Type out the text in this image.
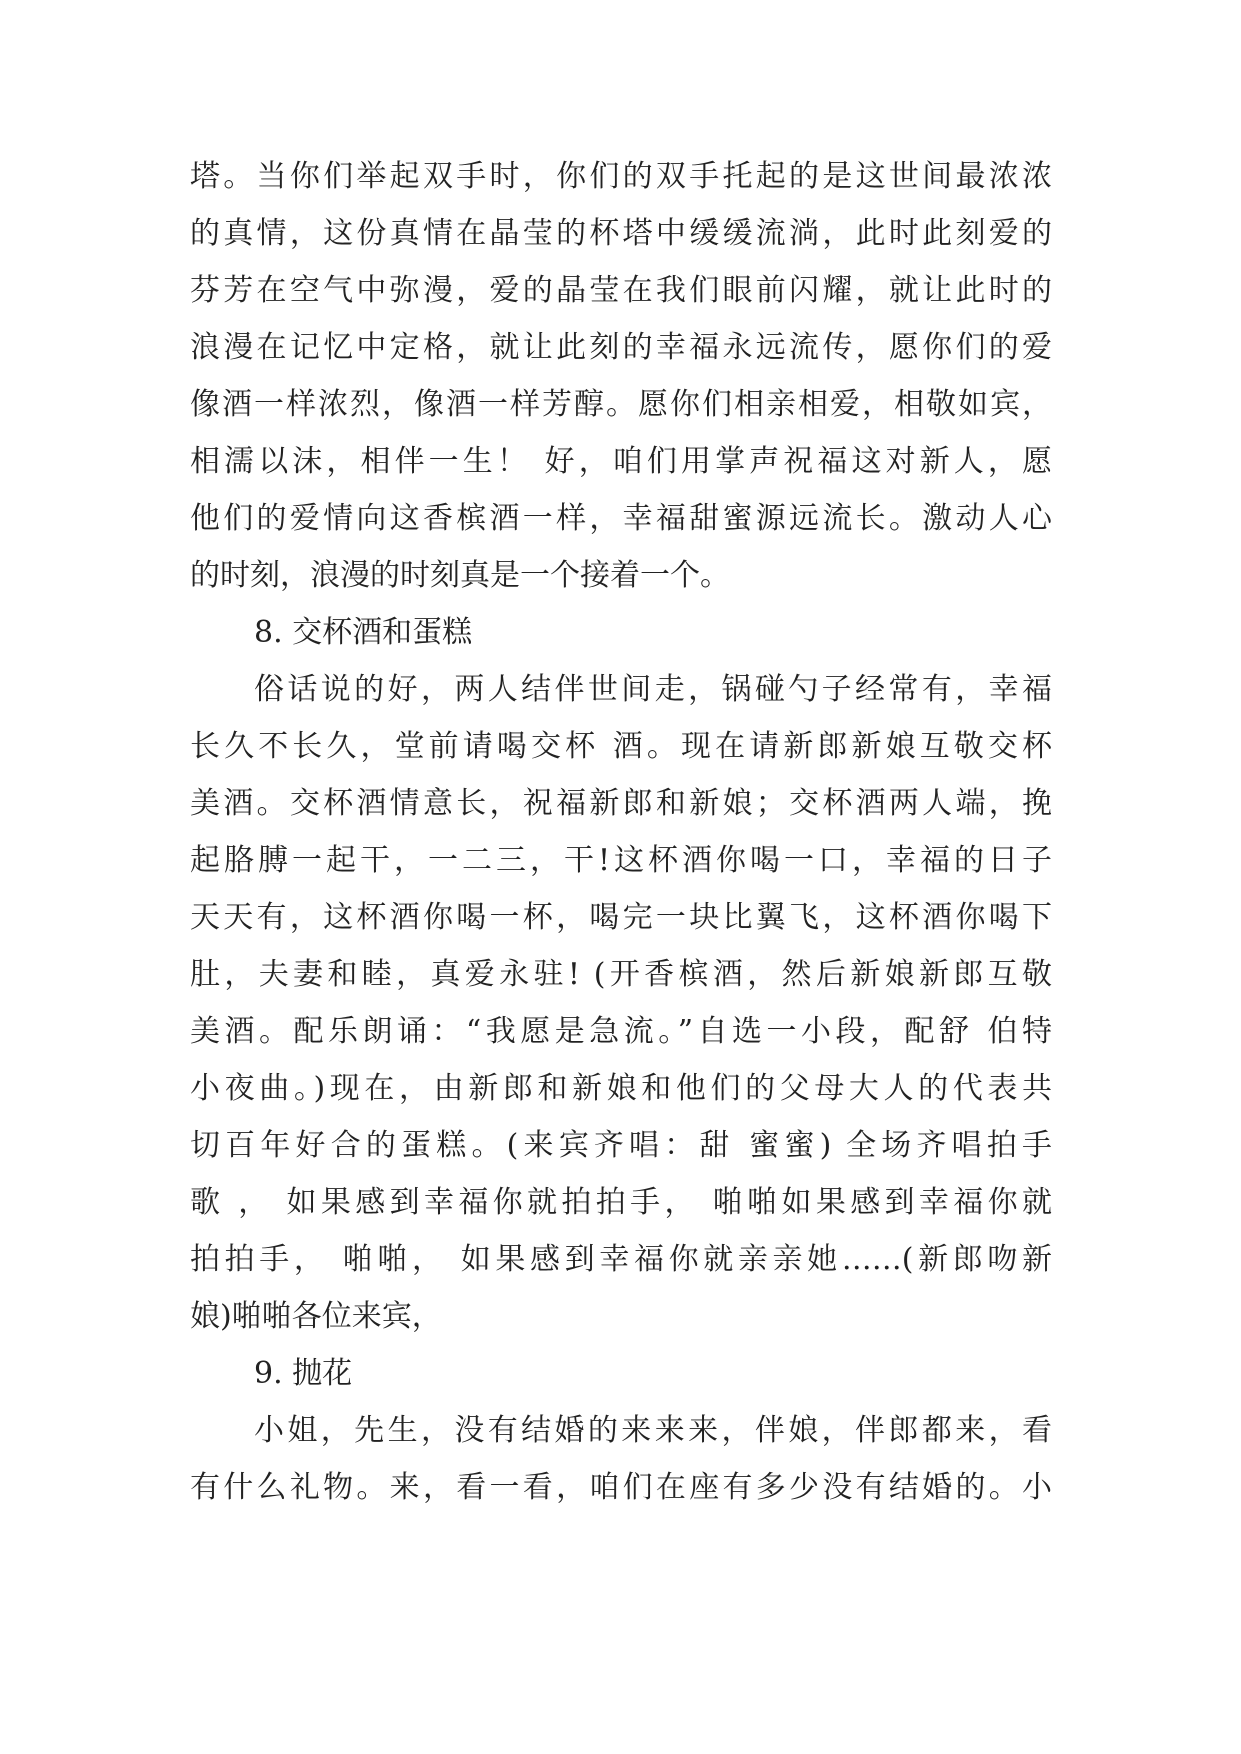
塔。当你们举起双手时，你们的双手托起的是这世间最浓浓
的真情，这份真情在晶莹的杯塔中缓缓流淌，此时此刻爱的
芬芳在空气中弥漫，爱的晶莹在我们眼前闪耀，就让此时的
浪漫在记忆中定格，就让此刻的幸福永远流传，愿你们的爱
像酒一样浓烈，像酒一样芳醇。愿你们相亲相爱，相敬如宾，
相濡以沫，相伴一生！ 好，咱们用掌声祝福这对新人，愿
他们的爱情向这香槟酒一样，幸福甜蜜源远流长。激动人心
的时刻，浪漫的时刻真是一个接着一个。
8. 交杯酒和蛋糕
俗话说的好，两人结伴世间走，锅碰勺子经常有，幸福
长久不长久，堂前请喝交杯 酒。现在请新郎新娘互敬交杯
美酒。交杯酒情意长，祝福新郎和新娘；交杯酒两人端，挽
起胳膊一起干，一二三，干!这杯酒你喝一口，幸福的日子
天天有，这杯酒你喝一杯，喝完一块比翼飞，这杯酒你喝下
肚，夫妻和睦，真爱永驻! (开香槟酒，然后新娘新郎互敬
美酒。配乐朗诵：“我愿是急流。”自选一小段，配舒 伯特
小夜曲。)现在，由新郎和新娘和他们的父母大人的代表共
切百年好合的蛋糕。(来宾齐唱：甜 蜜蜜) 全场齐唱拍手
歌 ， 如果感到幸福你就拍拍手， 啪啪如果感到幸福你就
拍拍手， 啪啪， 如果感到幸福你就亲亲她……(新郎吻新
娘)啪啪各位来宾，
9. 抛花
小姐，先生，没有结婚的来来来，伴娘，伴郎都来，看
有什么礼物。来，看一看，咱们在座有多少没有结婚的。小
